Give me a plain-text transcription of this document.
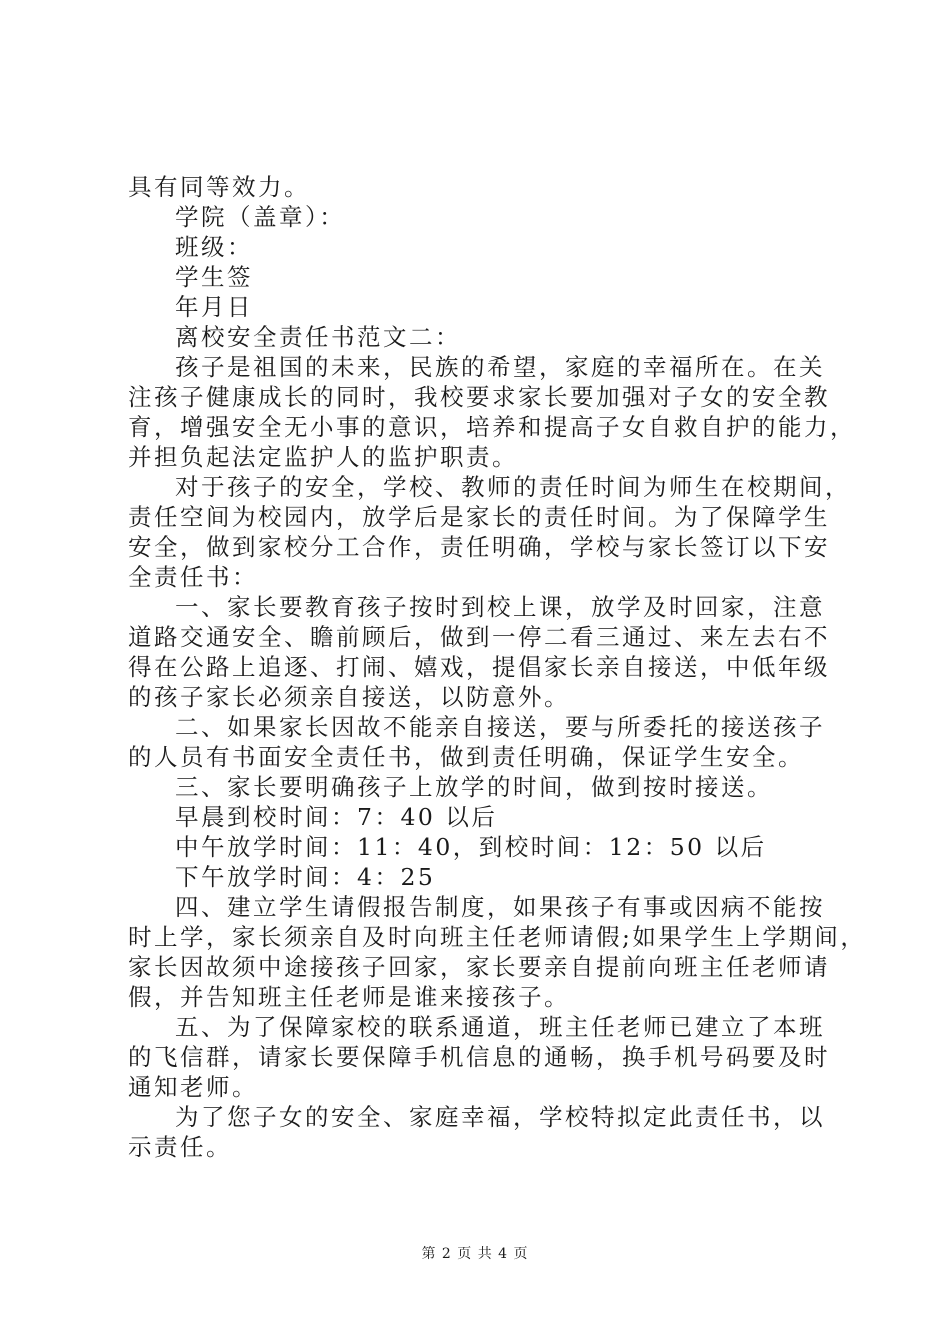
具有同等效力。

学院（盖章）：

班级：

学生签

年月日

离校安全责任书范文二：

孩子是祖国的未来，民族的希望，家庭的幸福所在。在关

注孩子健康成长的同时，我校要求家长要加强对子女的安全教

育，增强安全无小事的意识，培养和提高子女自救自护的能力，

并担负起法定监护人的监护职责。

对于孩子的安全，学校、教师的责任时间为师生在校期间，

责任空间为校园内，放学后是家长的责任时间。为了保障学生

安全，做到家校分工合作，责任明确，学校与家长签订以下安

全责任书：

一、家长要教育孩子按时到校上课，放学及时回家，注意

道路交通安全、瞻前顾后，做到一停二看三通过、来左去右不

得在公路上追逐、打闹、嬉戏，提倡家长亲自接送，中低年级

的孩子家长必须亲自接送，以防意外。

二、如果家长因故不能亲自接送，要与所委托的接送孩子

的人员有书面安全责任书，做到责任明确，保证学生安全。

三、家长要明确孩子上放学的时间，做到按时接送。

早晨到校时间：7：40 以后

中午放学时间：11：40，到校时间：12：50 以后

下午放学时间：4：25

四、建立学生请假报告制度，如果孩子有事或因病不能按

时上学，家长须亲自及时向班主任老师请假;如果学生上学期间，

家长因故须中途接孩子回家，家长要亲自提前向班主任老师请

假，并告知班主任老师是谁来接孩子。

五、为了保障家校的联系通道，班主任老师已建立了本班

的飞信群，请家长要保障手机信息的通畅，换手机号码要及时

通知老师。

为了您子女的安全、家庭幸福，学校特拟定此责任书，以

示责任。

第 2 页 共 4 页
